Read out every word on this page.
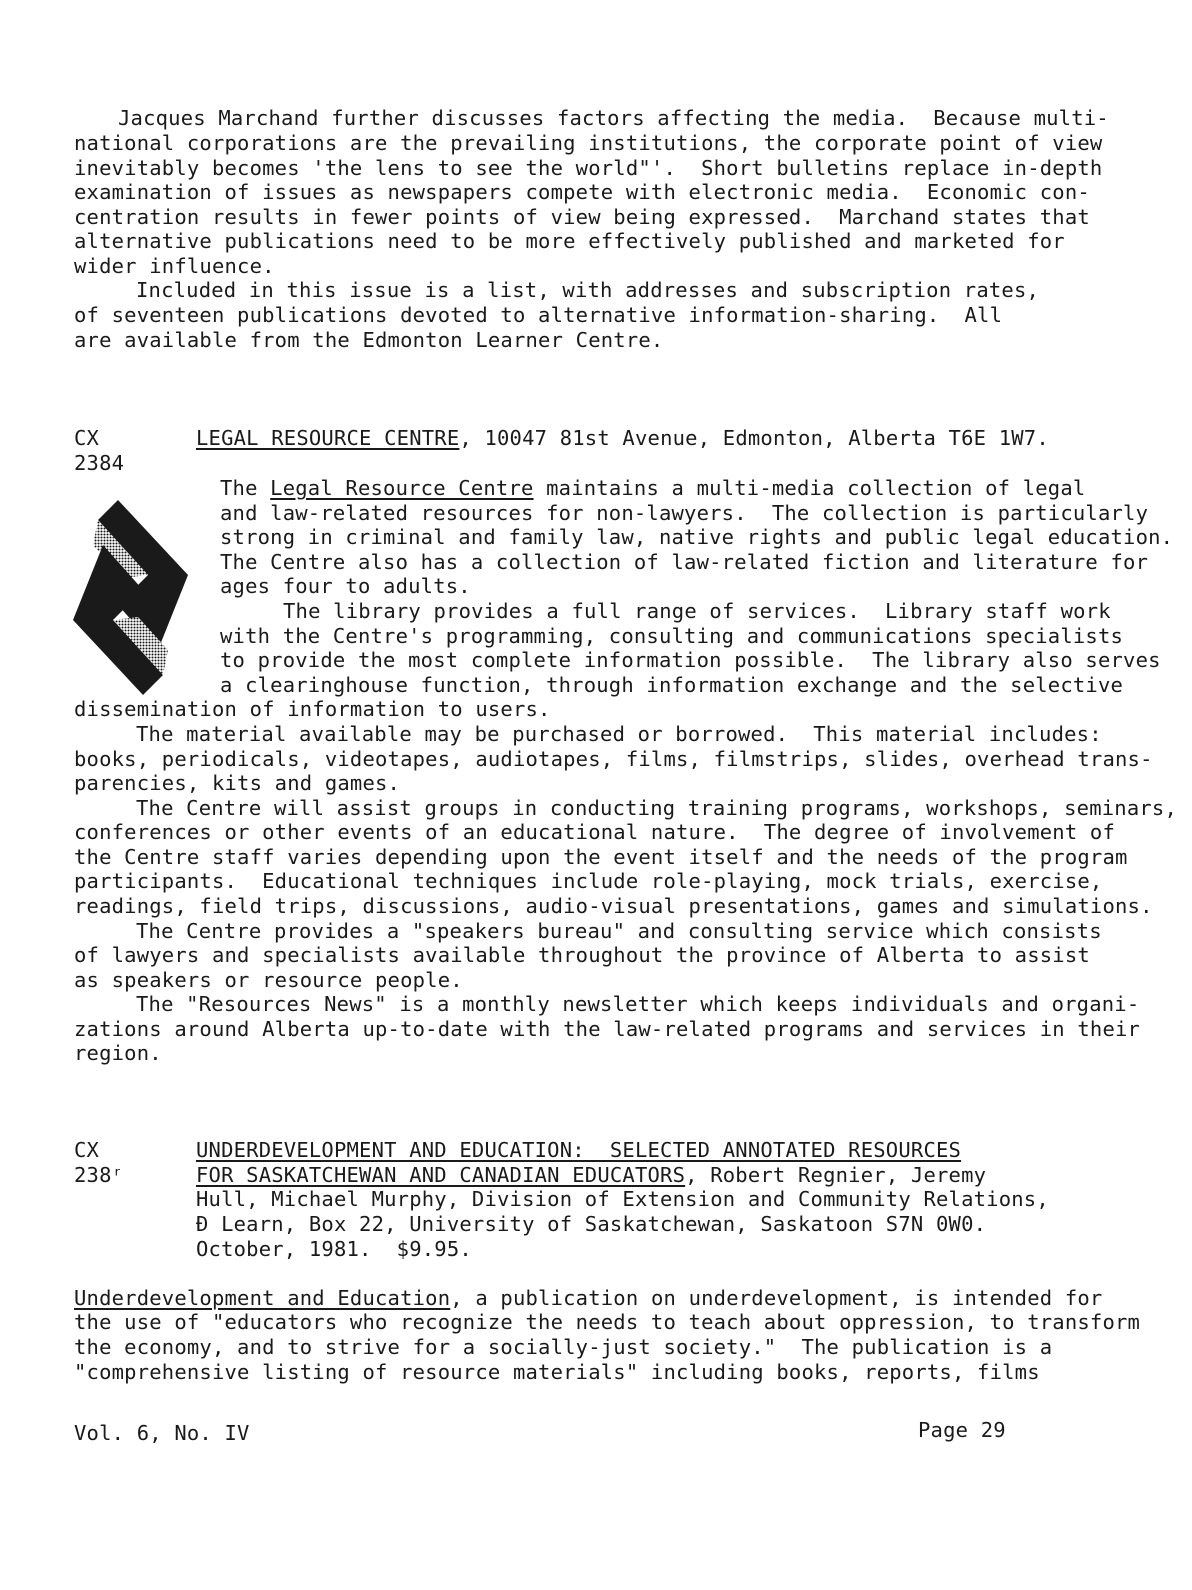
Jacques Marchand further discusses factors affecting the media.  Because multi-
national corporations are the prevailing institutions, the corporate point of view
inevitably becomes 'the lens to see the world"'.  Short bulletins replace in-depth
examination of issues as newspapers compete with electronic media.  Economic con-
centration results in fewer points of view being expressed.  Marchand states that
alternative publications need to be more effectively published and marketed for
wider influence.
Included in this issue is a list, with addresses and subscription rates,
of seventeen publications devoted to alternative information-sharing.  All
are available from the Edmonton Learner Centre.
CX
2384
LEGAL RESOURCE CENTRE, 10047 81st Avenue, Edmonton, Alberta T6E 1W7.
The Legal Resource Centre maintains a multi-media collection of legal
and law-related resources for non-lawyers.  The collection is particularly
strong in criminal and family law, native rights and public legal education.
The Centre also has a collection of law-related fiction and literature for
ages four to adults.
The library provides a full range of services.  Library staff work
with the Centre's programming, consulting and communications specialists
to provide the most complete information possible.  The library also serves
a clearinghouse function, through information exchange and the selective
dissemination of information to users.
The material available may be purchased or borrowed.  This material includes:
books, periodicals, videotapes, audiotapes, films, filmstrips, slides, overhead trans-
parencies, kits and games.
The Centre will assist groups in conducting training programs, workshops, seminars,
conferences or other events of an educational nature.  The degree of involvement of
the Centre staff varies depending upon the event itself and the needs of the program
participants.  Educational techniques include role-playing, mock trials, exercise,
readings, field trips, discussions, audio-visual presentations, games and simulations.
The Centre provides a "speakers bureau" and consulting service which consists
of lawyers and specialists available throughout the province of Alberta to assist
as speakers or resource people.
The "Resources News" is a monthly newsletter which keeps individuals and organi-
zations around Alberta up-to-date with the law-related programs and services in their
region.
CX
238ʳ
UNDERDEVELOPMENT AND EDUCATION:  SELECTED ANNOTATED RESOURCES
FOR SASKATCHEWAN AND CANADIAN EDUCATORS, Robert Regnier, Jeremy
Hull, Michael Murphy, Division of Extension and Community Relations,
Đ Learn, Box 22, University of Saskatchewan, Saskatoon S7N 0W0.
October, 1981.  $9.95.
Underdevelopment and Education, a publication on underdevelopment, is intended for
the use of "educators who recognize the needs to teach about oppression, to transform
the economy, and to strive for a socially-just society."  The publication is a
"comprehensive listing of resource materials" including books, reports, films
Vol. 6, No. IV	Page 29
